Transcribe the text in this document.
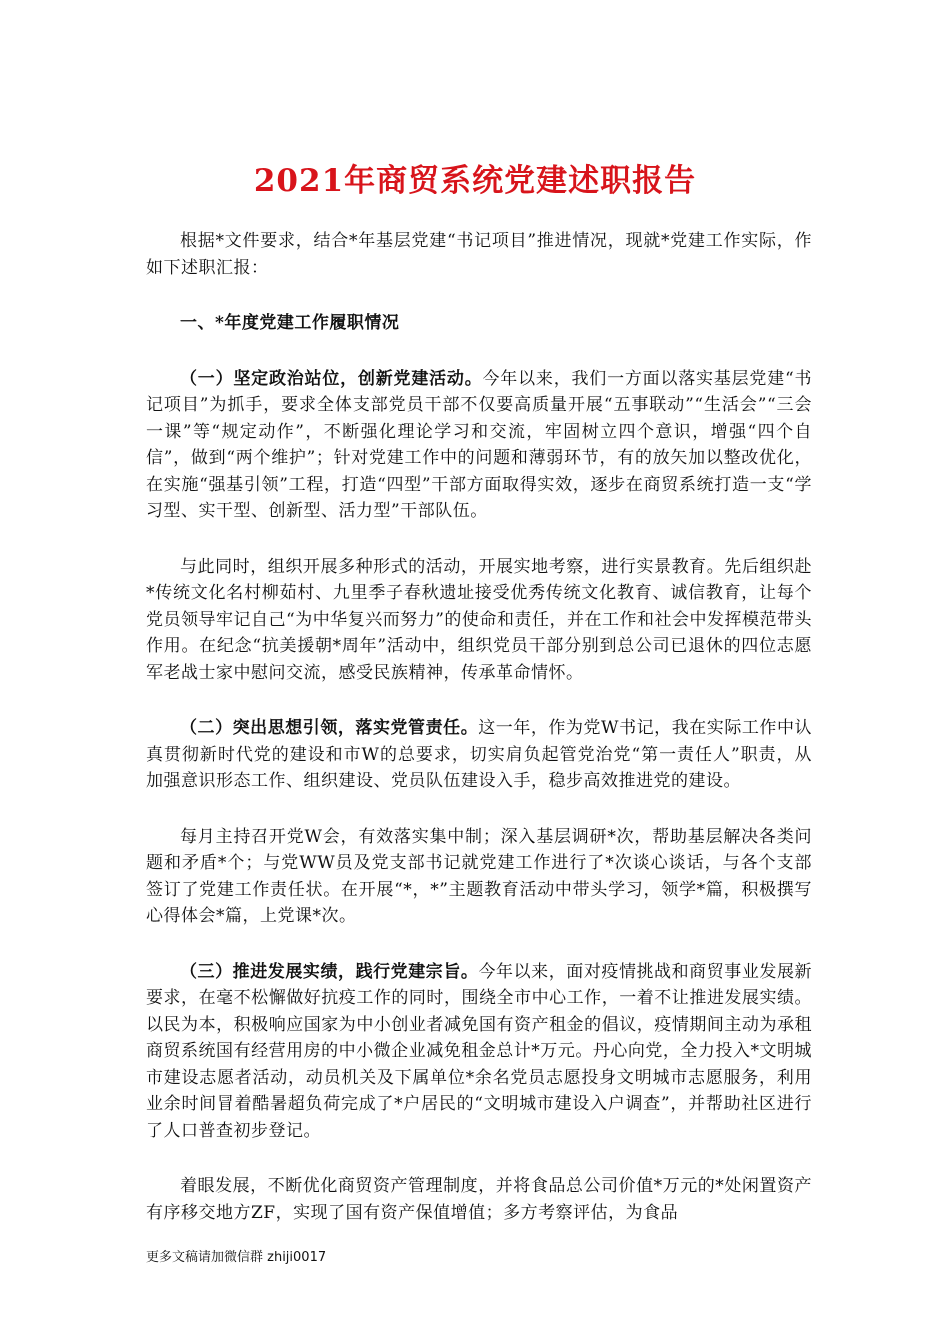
2021年商贸系统党建述职报告

根据*文件要求，结合*年基层党建“书记项目”推进情况，现就*党建工作实际，作如下述职汇报：

一、*年度党建工作履职情况

（一）坚定政治站位，创新党建活动。今年以来，我们一方面以落实基层党建“书记项目”为抓手，要求全体支部党员干部不仅要高质量开展“五事联动”“生活会”“三会一课”等“规定动作”，不断强化理论学习和交流，牢固树立四个意识，增强“四个自信”，做到“两个维护”；针对党建工作中的问题和薄弱环节，有的放矢加以整改优化，在实施“强基引领”工程，打造“四型”干部方面取得实效，逐步在商贸系统打造一支“学习型、实干型、创新型、活力型”干部队伍。

与此同时，组织开展多种形式的活动，开展实地考察，进行实景教育。先后组织赴*传统文化名村柳茹村、九里季子春秋遗址接受优秀传统文化教育、诚信教育，让每个党员领导牢记自己“为中华复兴而努力”的使命和责任，并在工作和社会中发挥模范带头作用。在纪念“抗美援朝*周年”活动中，组织党员干部分别到总公司已退休的四位志愿军老战士家中慰问交流，感受民族精神，传承革命情怀。

（二）突出思想引领，落实党管责任。这一年，作为党W书记，我在实际工作中认真贯彻新时代党的建设和市W的总要求，切实肩负起管党治党“第一责任人”职责，从加强意识形态工作、组织建设、党员队伍建设入手，稳步高效推进党的建设。

每月主持召开党W会，有效落实集中制；深入基层调研*次，帮助基层解决各类问题和矛盾*个；与党WW员及党支部书记就党建工作进行了*次谈心谈话，与各个支部签订了党建工作责任状。在开展“*，*”主题教育活动中带头学习，领学*篇，积极撰写心得体会*篇，上党课*次。

（三）推进发展实绩，践行党建宗旨。今年以来，面对疫情挑战和商贸事业发展新要求，在毫不松懈做好抗疫工作的同时，围绕全市中心工作，一着不让推进发展实绩。以民为本，积极响应国家为中小创业者减免国有资产租金的倡议，疫情期间主动为承租商贸系统国有经营用房的中小微企业减免租金总计*万元。丹心向党，全力投入*文明城市建设志愿者活动，动员机关及下属单位*余名党员志愿投身文明城市志愿服务，利用业余时间冒着酷暑超负荷完成了*户居民的“文明城市建设入户调查”，并帮助社区进行了人口普查初步登记。

着眼发展，不断优化商贸资产管理制度，并将食品总公司价值*万元的*处闲置资产有序移交地方ZF，实现了国有资产保值增值；多方考察评估，为食品

更多文稿请加微信群 zhiji0017
